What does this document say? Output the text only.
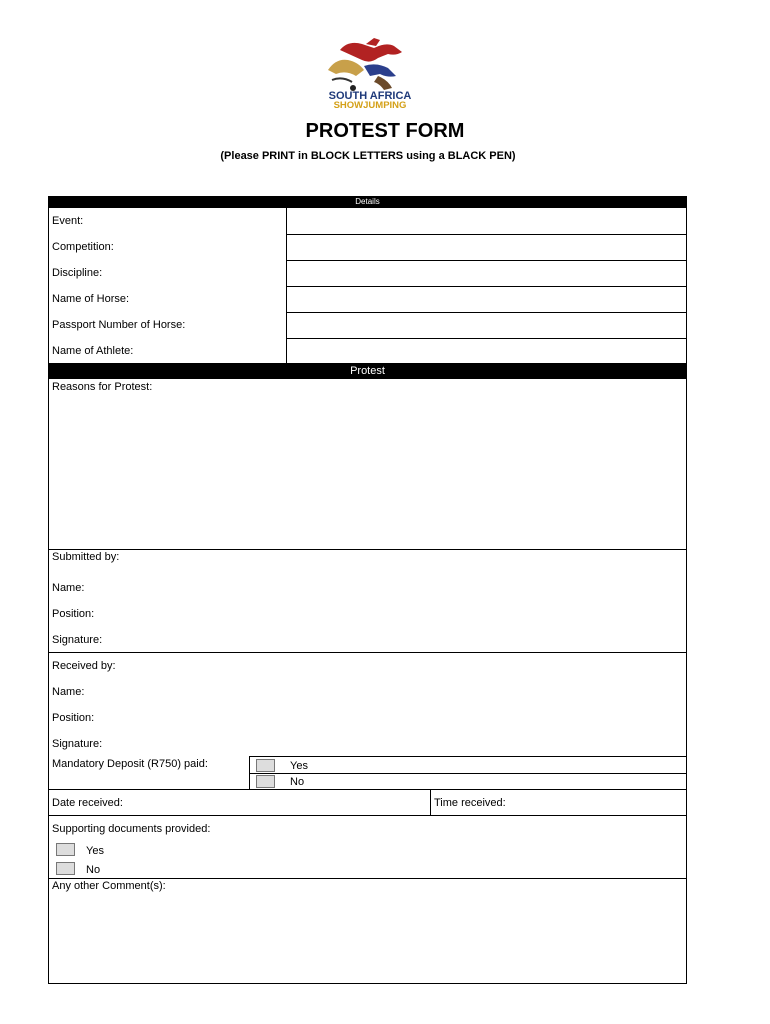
SOUTH AFRICA
SHOWJUMPING
PROTEST FORM
(Please PRINT in BLOCK LETTERS using a BLACK PEN)
Details
Event:
Competition:
Discipline:
Name of Horse:
Passport Number of Horse:
Name of Athlete:
Protest
Reasons for Protest:
Submitted by:
Name:
Position:
Signature:
Received by:
Name:
Position:
Signature:
Mandatory Deposit (R750) paid:	Yes
No
Date received:	Time received:
Supporting documents provided:
Yes
No
Any other Comment(s):
